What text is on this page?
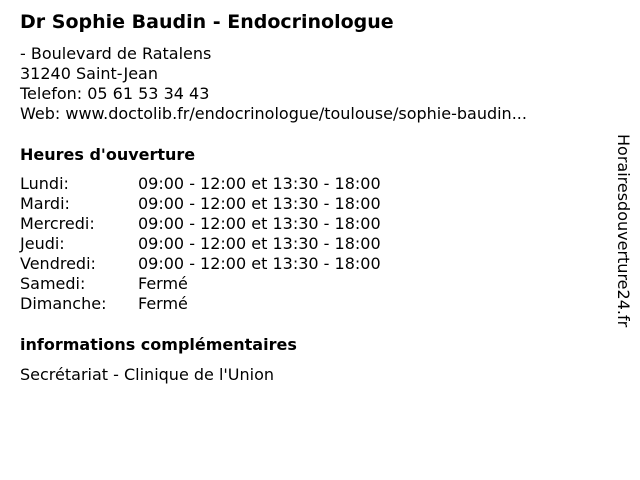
Dr Sophie Baudin - Endocrinologue
- Boulevard de Ratalens
31240 Saint-Jean
Telefon: 05 61 53 34 43
Web: www.doctolib.fr/endocrinologue/toulouse/sophie-baudin...
Heures d'ouverture
Lundi:	09:00 - 12:00 et 13:30 - 18:00
Mardi:	09:00 - 12:00 et 13:30 - 18:00
Mercredi:	09:00 - 12:00 et 13:30 - 18:00
Jeudi:	09:00 - 12:00 et 13:30 - 18:00
Vendredi:	09:00 - 12:00 et 13:30 - 18:00
Samedi:	Fermé
Dimanche:	Fermé
informations complémentaires
Secrétariat - Clinique de l'Union
Horairesdouverture24.fr
